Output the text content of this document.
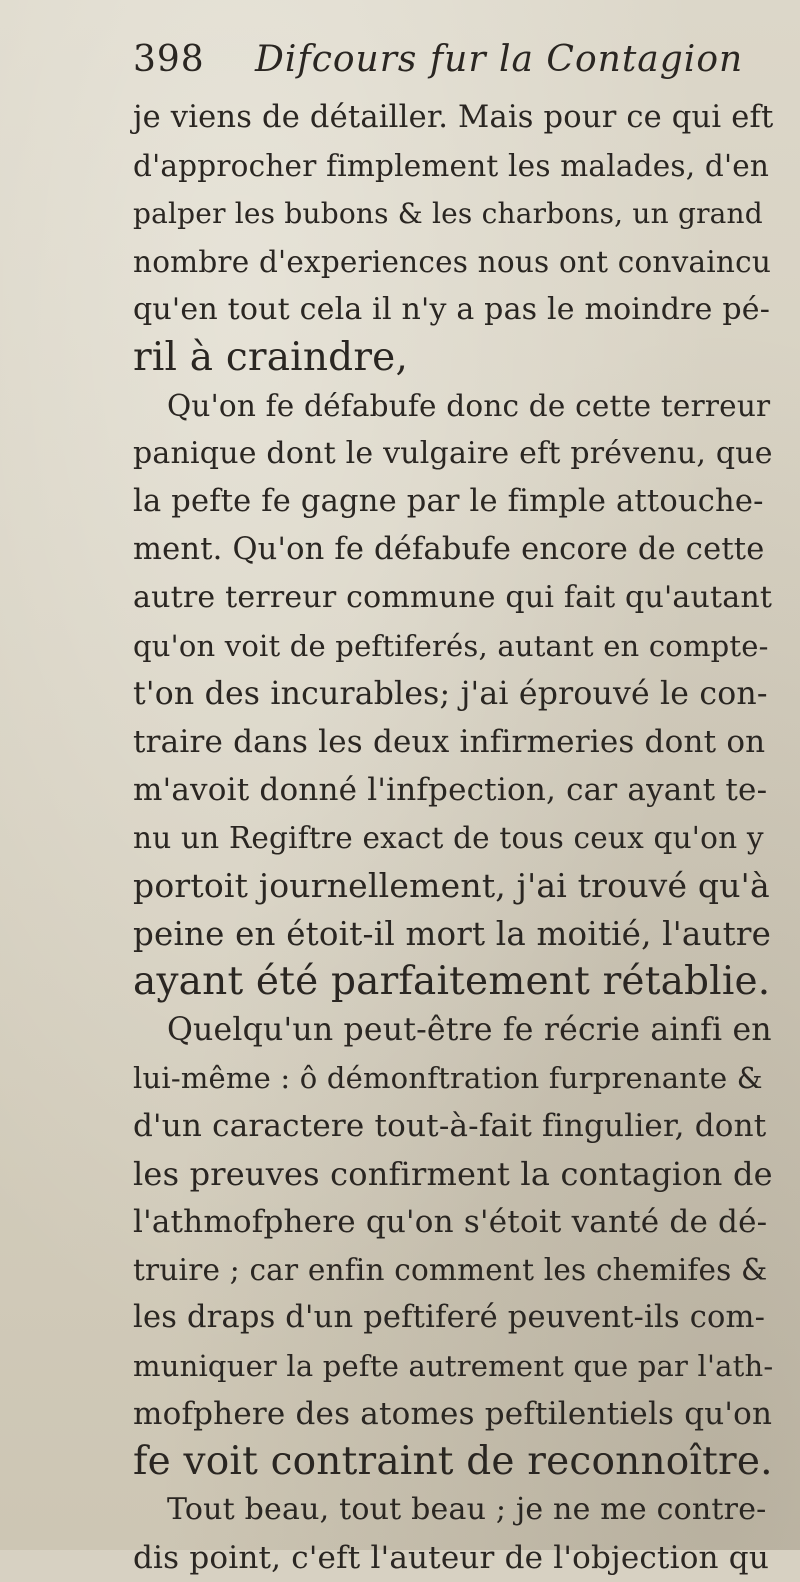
398 Difcours fur la Contagion
je viens de détailler. Mais pour ce qui eft
d'approcher fimplement les malades, d'en
palper les bubons & les charbons, un grand
nombre d'experiences nous ont convaincu
qu'en tout cela il n'y a pas le moindre pé-
ril à craindre,
Qu'on fe défabufe donc de cette terreur
panique dont le vulgaire eft prévenu, que
la pefte fe gagne par le fimple attouche-
ment. Qu'on fe défabufe encore de cette
autre terreur commune qui fait qu'autant
qu'on voit de peftiferés, autant en compte-
t'on des incurables; j'ai éprouvé le con-
traire dans les deux infirmeries dont on
m'avoit donné l'infpection, car ayant te-
nu un Regiftre exact de tous ceux qu'on y
portoit journellement, j'ai trouvé qu'à
peine en étoit-il mort la moitié, l'autre
ayant été parfaitement rétablie.
Quelqu'un peut-être fe récrie ainfi en
lui-même : ô démonftration furprenante &
d'un caractere tout-à-fait fingulier, dont
les preuves confirment la contagion de
l'athmofphere qu'on s'étoit vanté de dé-
truire ; car enfin comment les chemifes &
les draps d'un peftiferé peuvent-ils com-
muniquer la pefte autrement que par l'ath-
mofphere des atomes peftilentiels qu'on
fe voit contraint de reconnoître.
Tout beau, tout beau ; je ne me contre-
dis point, c'eft l'auteur de l'objection qu
